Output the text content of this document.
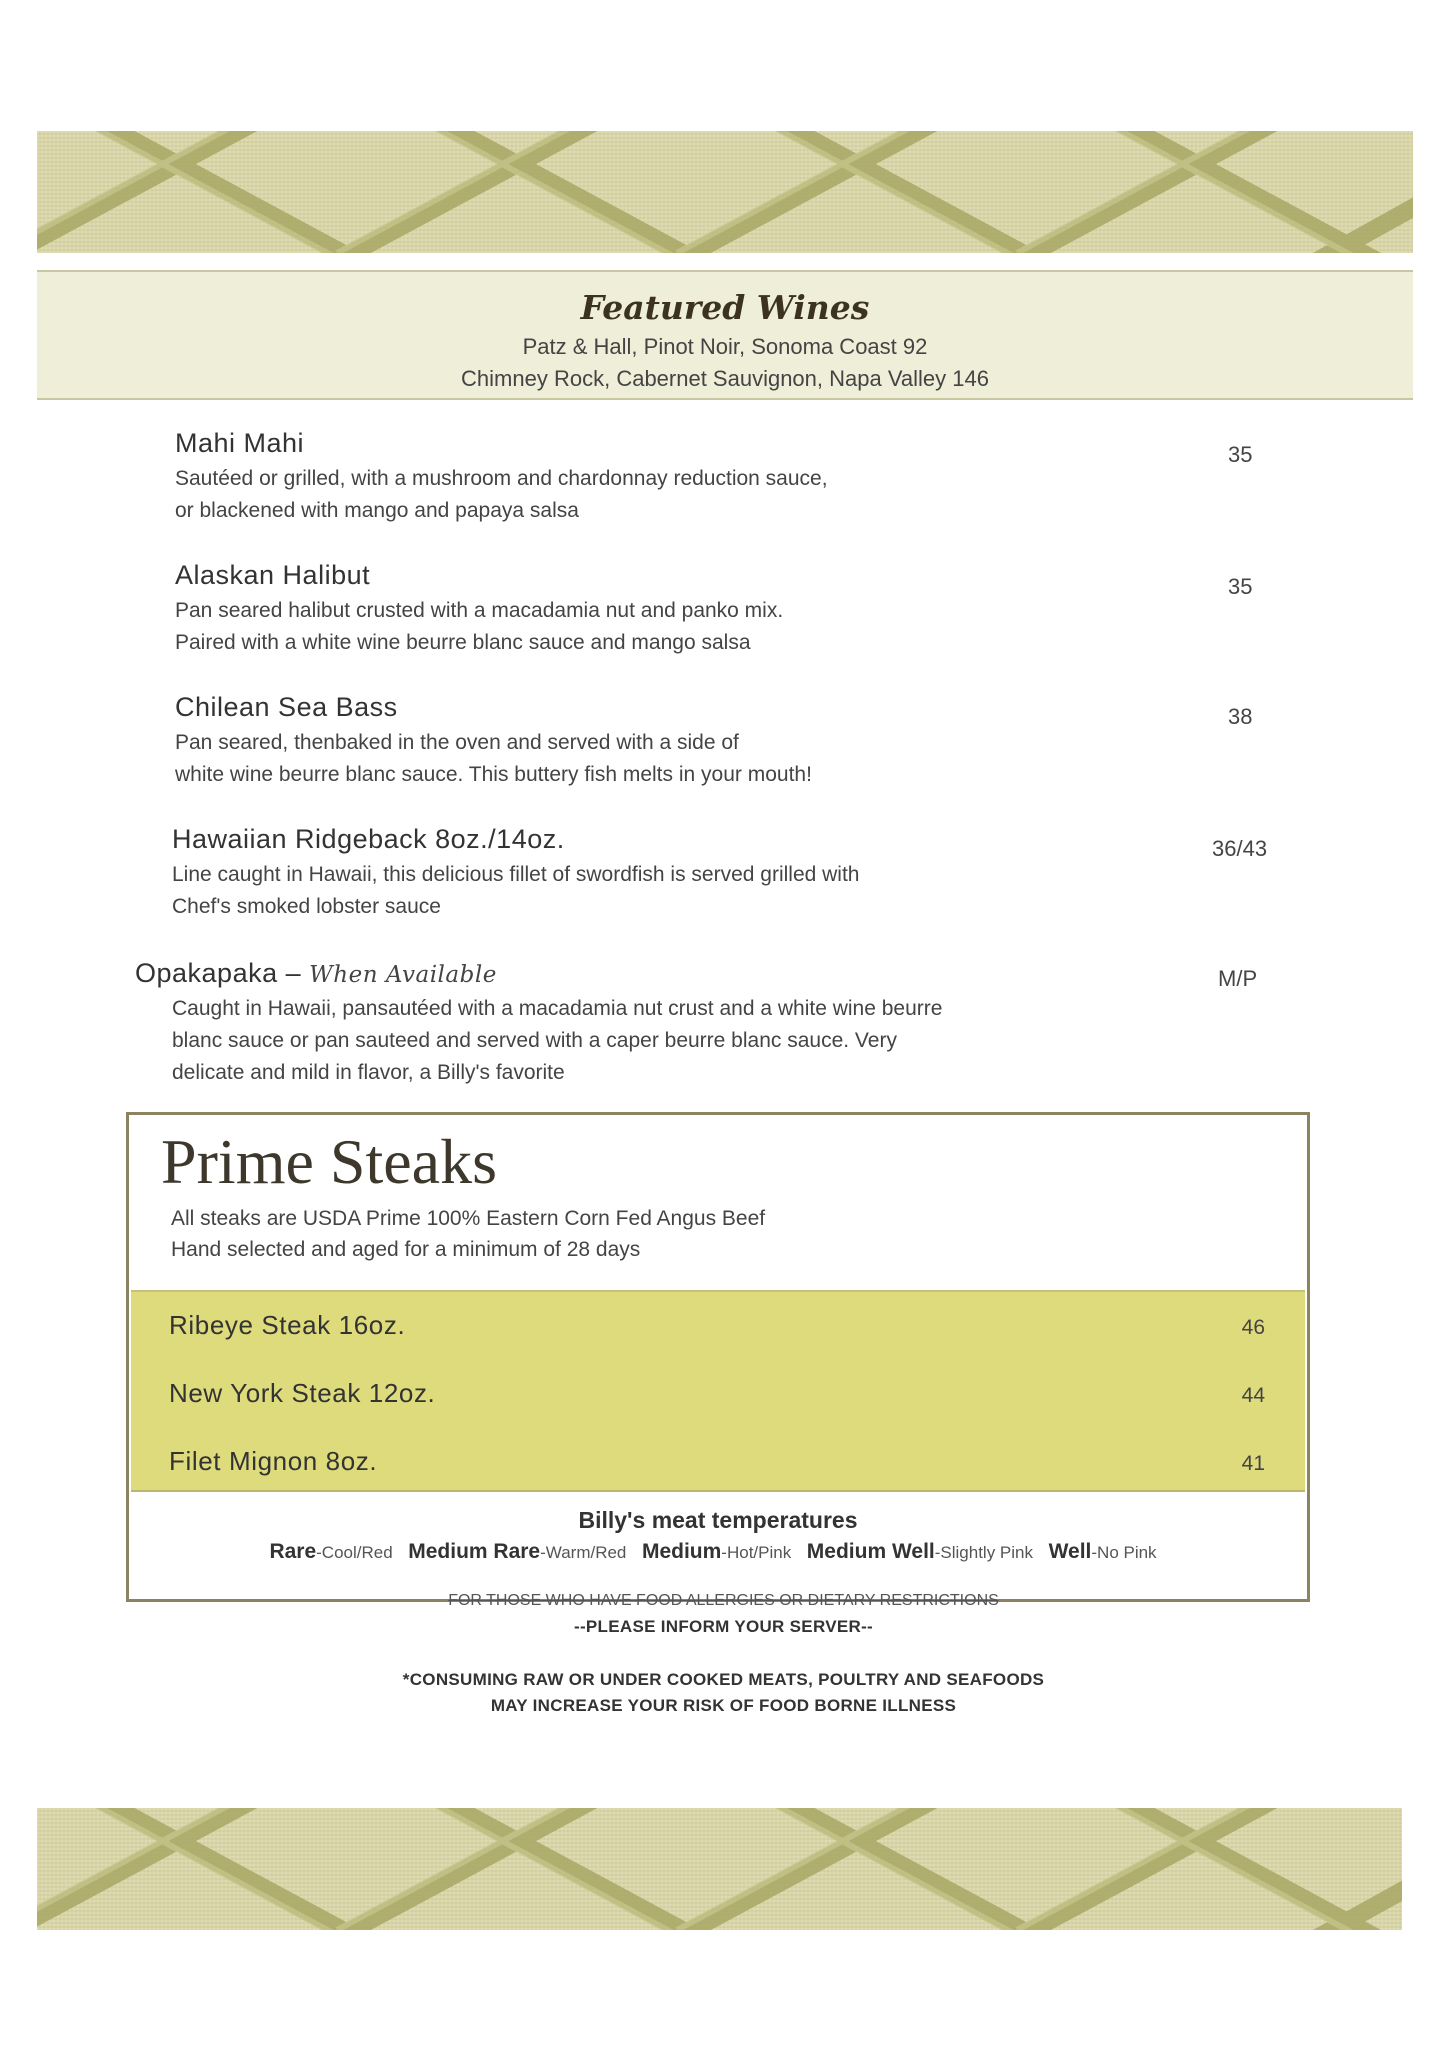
Featured Wines
Patz & Hall, Pinot Noir, Sonoma Coast 92
Chimney Rock, Cabernet Sauvignon, Napa Valley 146
Mahi Mahi
Sautéed or grilled, with a mushroom and chardonnay reduction sauce,
or blackened with mango and papaya salsa
35
Alaskan Halibut
Pan seared halibut crusted with a macadamia nut and panko mix.
Paired with a white wine beurre blanc sauce and mango salsa
35
Chilean Sea Bass
Pan seared, thenbaked in the oven and served with a side of
white wine beurre blanc sauce. This buttery fish melts in your mouth!
38
Hawaiian Ridgeback 8oz./14oz.
Line caught in Hawaii, this delicious fillet of swordfish is served grilled with
Chef's smoked lobster sauce
36/43
Opakapaka – When Available
Caught in Hawaii, pansautéed with a macadamia nut crust and a white wine beurre
blanc sauce or pan sauteed and served with a caper beurre blanc sauce. Very
delicate and mild in flavor, a Billy's favorite
M/P
Prime Steaks
All steaks are USDA Prime 100% Eastern Corn Fed Angus Beef
Hand selected and aged for a minimum of 28 days
Ribeye Steak 16oz.	46
New York Steak 12oz.	44
Filet Mignon 8oz.	41
Billy's meat temperatures
Rare-Cool/Red Medium Rare-Warm/Red Medium-Hot/Pink Medium Well-Slightly Pink Well-No Pink
FOR THOSE WHO HAVE FOOD ALLERGIES OR DIETARY RESTRICTIONS
--PLEASE INFORM YOUR SERVER--
*CONSUMING RAW OR UNDER COOKED MEATS, POULTRY AND SEAFOODS
MAY INCREASE YOUR RISK OF FOOD BORNE ILLNESS
